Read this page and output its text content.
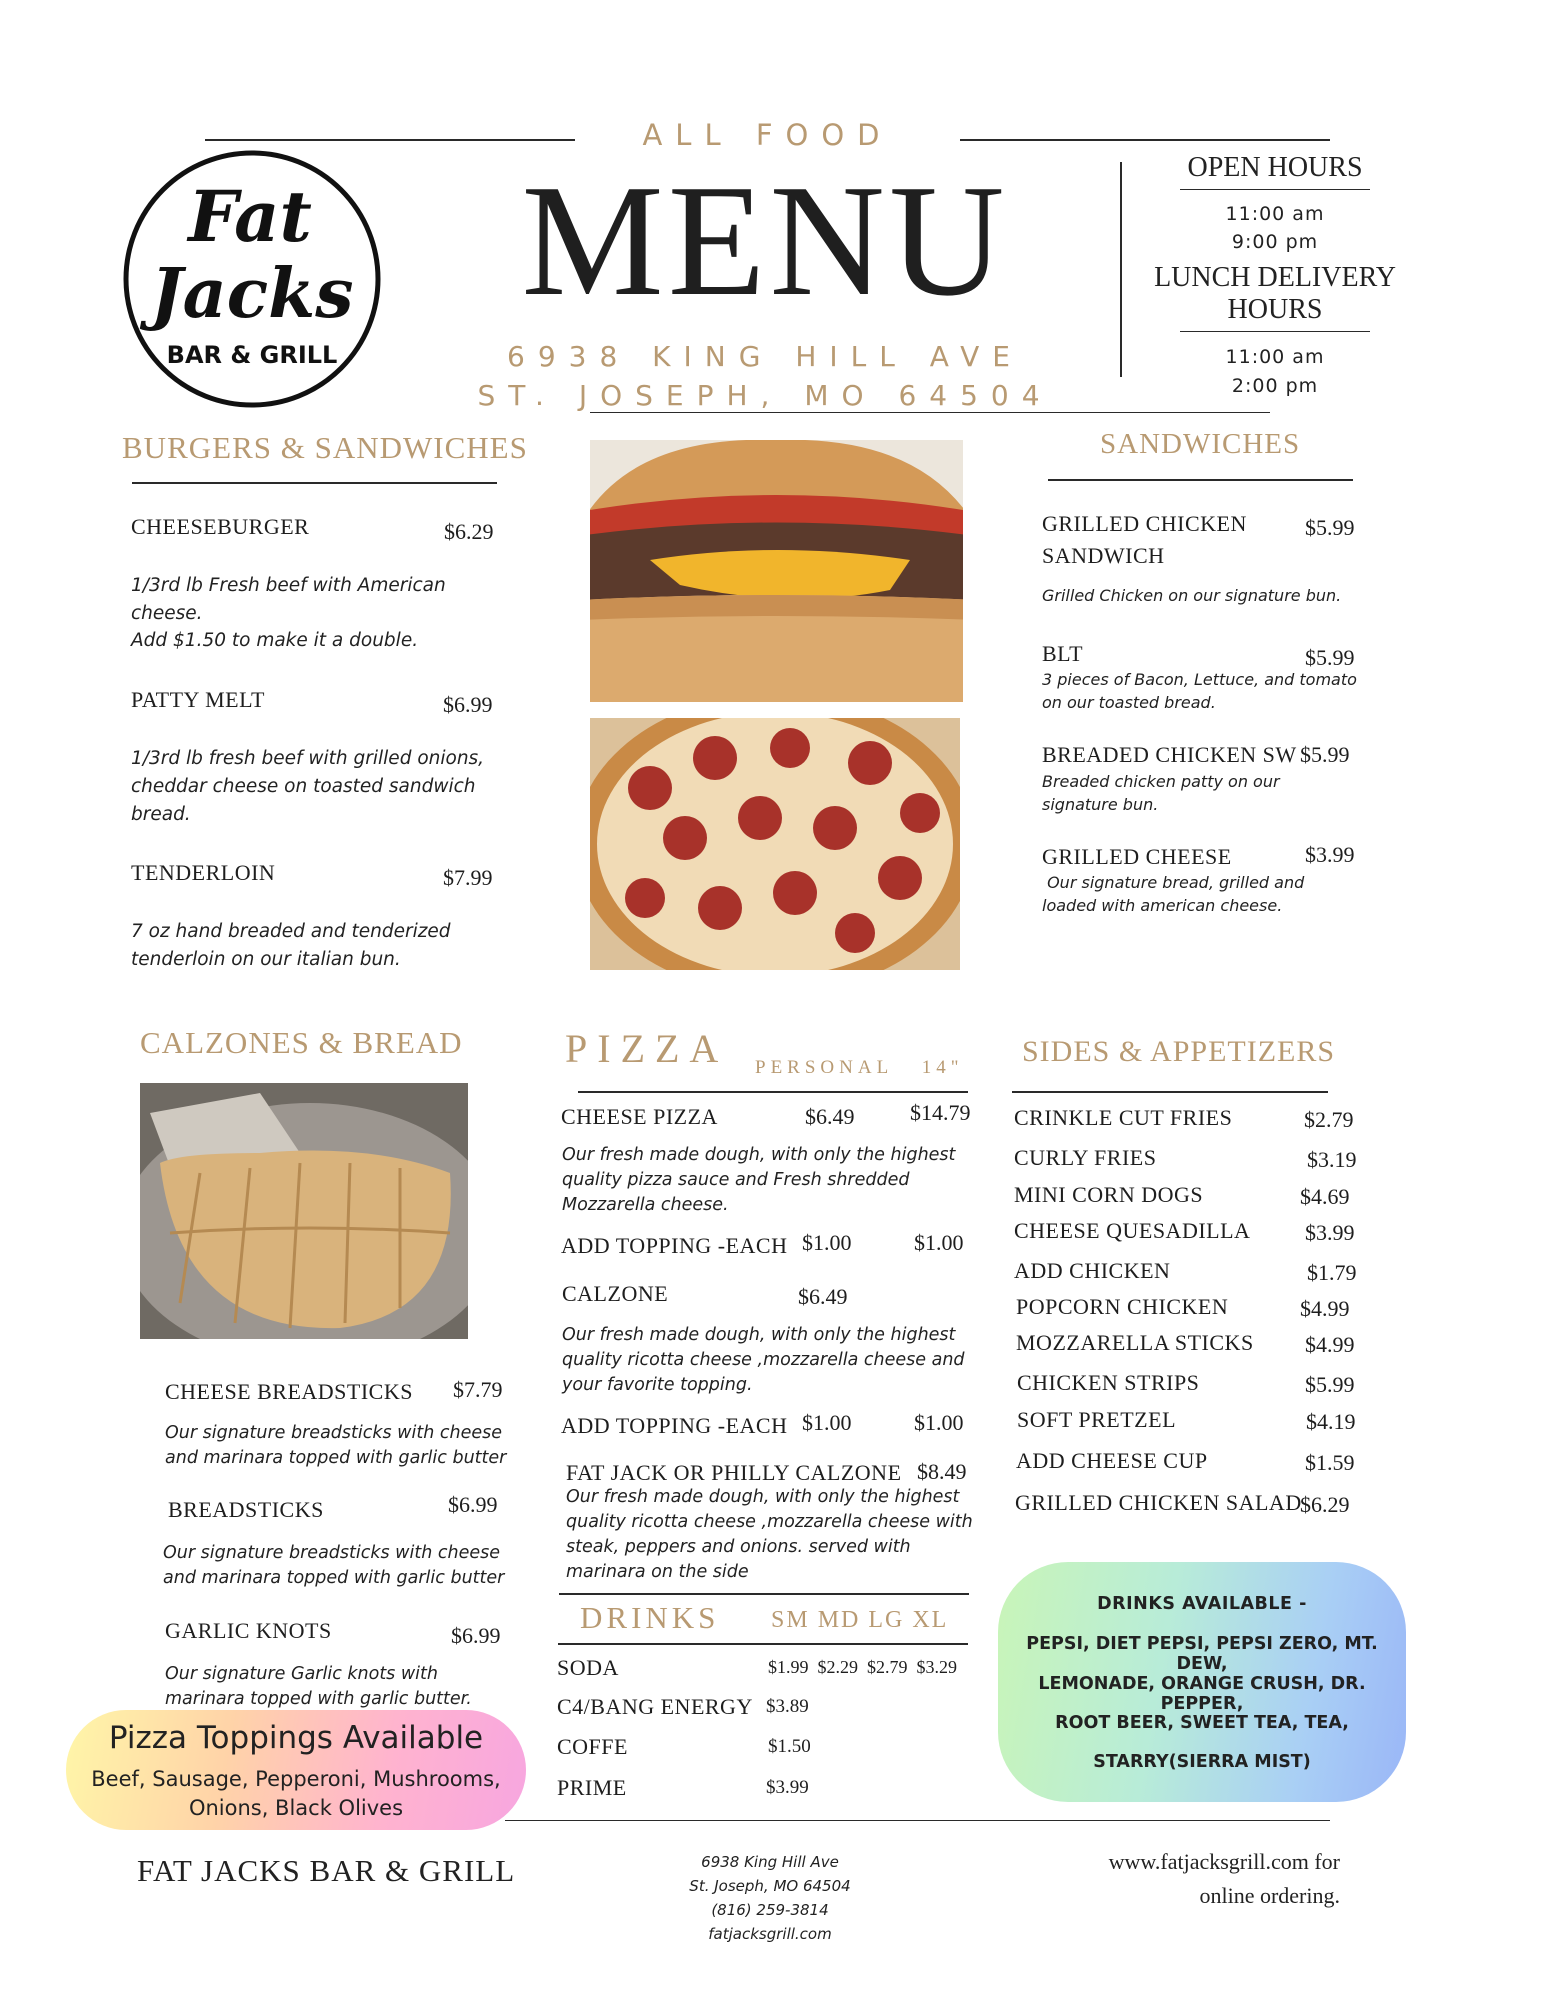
ALL FOOD
Fat
Jacks
BAR & GRILL
MENU
6938 KING HILL AVE
ST. JOSEPH, MO 64504
OPEN HOURS
11:00 am
9:00 pm
LUNCH DELIVERY
HOURS
11:00 am
2:00 pm
BURGERS & SANDWICHES
CHEESEBURGER	$6.29
1/3rd lb Fresh beef with American
cheese.
Add $1.50 to make it a double.
PATTY MELT	$6.99
1/3rd lb fresh beef with grilled onions,
cheddar cheese on toasted sandwich
bread.
TENDERLOIN	$7.99
7 oz hand breaded and tenderized
tenderloin on our italian bun.
SANDWICHES
GRILLED CHICKEN
SANDWICH
$5.99
Grilled Chicken on our signature bun.
BLT	$5.99
3 pieces of Bacon, Lettuce, and tomato
on our toasted bread.
BREADED CHICKEN SW $5.99
Breaded chicken patty on our
signature bun.
GRILLED CHEESE	$3.99
Our signature bread, grilled and
loaded with american cheese.
CALZONES & BREAD
CHEESE BREADSTICKS $7.79
Our signature breadsticks with cheese
and marinara topped with garlic butter
BREADSTICKS	$6.99
Our signature breadsticks with cheese
and marinara topped with garlic butter
GARLIC KNOTS	$6.99
Our signature Garlic knots with
marinara topped with garlic butter.
Pizza Toppings Available
Beef, Sausage, Pepperoni, Mushrooms,
Onions, Black Olives
PIZZA PERSONAL   14"
CHEESE PIZZA	$6.49	$14.79
Our fresh made dough, with only the highest
quality pizza sauce and Fresh shredded
Mozzarella cheese.
ADD TOPPING -EACH $1.00	$1.00
CALZONE	$6.49
Our fresh made dough, with only the highest
quality ricotta cheese ,mozzarella cheese and
your favorite topping.
ADD TOPPING -EACH $1.00	$1.00
FAT JACK OR PHILLY CALZONE $8.49
Our fresh made dough, with only the highest
quality ricotta cheese ,mozzarella cheese with
steak, peppers and onions. served with
marinara on the side
DRINKS SM MD LG XL
SODA	$1.99  $2.29  $2.79  $3.29
C4/BANG ENERGY $3.89
COFFE	$1.50
PRIME	$3.99
SIDES & APPETIZERS
CRINKLE CUT FRIES	$2.79
CURLY FRIES	$3.19
MINI CORN DOGS	$4.69
CHEESE QUESADILLA $3.99
ADD CHICKEN	$1.79
POPCORN CHICKEN	$4.99
MOZZARELLA STICKS $4.99
CHICKEN STRIPS	$5.99
SOFT PRETZEL	$4.19
ADD CHEESE CUP	$1.59
GRILLED CHICKEN SALAD
$6.29
DRINKS AVAILABLE -
PEPSI, DIET PEPSI, PEPSI ZERO, MT. DEW,
LEMONADE, ORANGE CRUSH, DR. PEPPER,
ROOT BEER, SWEET TEA, TEA,
STARRY(SIERRA MIST)
FAT JACKS BAR & GRILL	6938 King Hill Ave
St. Joseph, MO 64504
(816) 259-3814
fatjacksgrill.com
www.fatjacksgrill.com for
online ordering.
